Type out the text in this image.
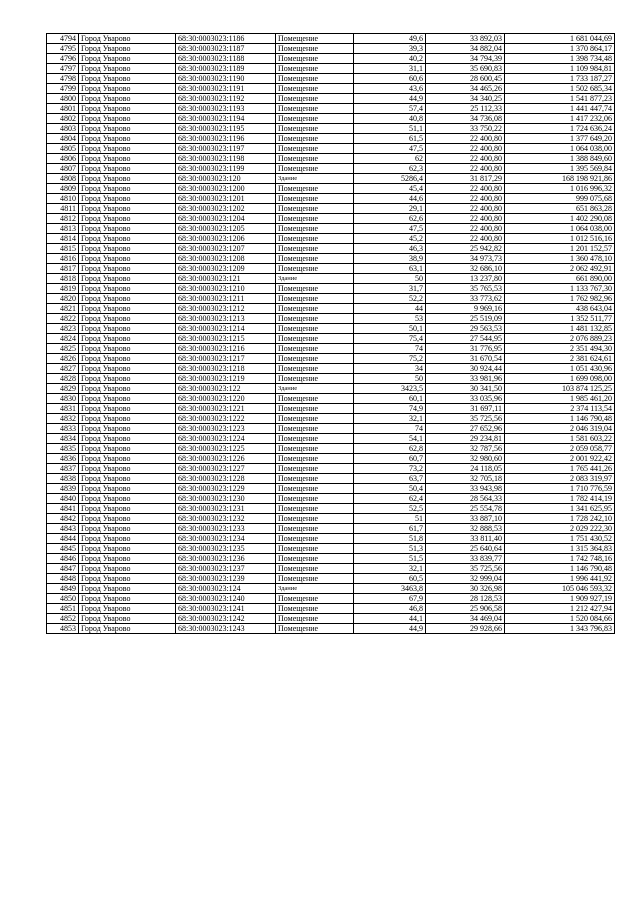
4794	Город Уварово	68:30:0003023:1186	Помещение	49,6	33 892,03	1 681 044,69
4795	Город Уварово	68:30:0003023:1187	Помещение	39,3	34 882,04	1 370 864,17
4796	Город Уварово	68:30:0003023:1188	Помещение	40,2	34 794,39	1 398 734,48
4797	Город Уварово	68:30:0003023:1189	Помещение	31,1	35 690,83	1 109 984,81
4798	Город Уварово	68:30:0003023:1190	Помещение	60,6	28 600,45	1 733 187,27
4799	Город Уварово	68:30:0003023:1191	Помещение	43,6	34 465,26	1 502 685,34
4800	Город Уварово	68:30:0003023:1192	Помещение	44,9	34 340,25	1 541 877,23
4801	Город Уварово	68:30:0003023:1193	Помещение	57,4	25 112,33	1 441 447,74
4802	Город Уварово	68:30:0003023:1194	Помещение	40,8	34 736,08	1 417 232,06
4803	Город Уварово	68:30:0003023:1195	Помещение	51,1	33 750,22	1 724 636,24
4804	Город Уварово	68:30:0003023:1196	Помещение	61,5	22 400,80	1 377 649,20
4805	Город Уварово	68:30:0003023:1197	Помещение	47,5	22 400,80	1 064 038,00
4806	Город Уварово	68:30:0003023:1198	Помещение	62	22 400,80	1 388 849,60
4807	Город Уварово	68:30:0003023:1199	Помещение	62,3	22 400,80	1 395 569,84
4808	Город Уварово	68:30:0003023:120	Здание	5286,4	31 817,29	168 198 921,86
4809	Город Уварово	68:30:0003023:1200	Помещение	45,4	22 400,80	1 016 996,32
4810	Город Уварово	68:30:0003023:1201	Помещение	44,6	22 400,80	999 075,68
4811	Город Уварово	68:30:0003023:1202	Помещение	29,1	22 400,80	651 863,28
4812	Город Уварово	68:30:0003023:1204	Помещение	62,6	22 400,80	1 402 290,08
4813	Город Уварово	68:30:0003023:1205	Помещение	47,5	22 400,80	1 064 038,00
4814	Город Уварово	68:30:0003023:1206	Помещение	45,2	22 400,80	1 012 516,16
4815	Город Уварово	68:30:0003023:1207	Помещение	46,3	25 942,82	1 201 152,57
4816	Город Уварово	68:30:0003023:1208	Помещение	38,9	34 973,73	1 360 478,10
4817	Город Уварово	68:30:0003023:1209	Помещение	63,1	32 686,10	2 062 492,91
4818	Город Уварово	68:30:0003023:121	Здание	50	13 237,80	661 890,00
4819	Город Уварово	68:30:0003023:1210	Помещение	31,7	35 765,53	1 133 767,30
4820	Город Уварово	68:30:0003023:1211	Помещение	52,2	33 773,62	1 762 982,96
4821	Город Уварово	68:30:0003023:1212	Помещение	44	9 969,16	438 643,04
4822	Город Уварово	68:30:0003023:1213	Помещение	53	25 519,09	1 352 511,77
4823	Город Уварово	68:30:0003023:1214	Помещение	50,1	29 563,53	1 481 132,85
4824	Город Уварово	68:30:0003023:1215	Помещение	75,4	27 544,95	2 076 889,23
4825	Город Уварово	68:30:0003023:1216	Помещение	74	31 776,95	2 351 494,30
4826	Город Уварово	68:30:0003023:1217	Помещение	75,2	31 670,54	2 381 624,61
4827	Город Уварово	68:30:0003023:1218	Помещение	34	30 924,44	1 051 430,96
4828	Город Уварово	68:30:0003023:1219	Помещение	50	33 981,96	1 699 098,00
4829	Город Уварово	68:30:0003023:122	Здание	3423,5	30 341,50	103 874 125,25
4830	Город Уварово	68:30:0003023:1220	Помещение	60,1	33 035,96	1 985 461,20
4831	Город Уварово	68:30:0003023:1221	Помещение	74,9	31 697,11	2 374 113,54
4832	Город Уварово	68:30:0003023:1222	Помещение	32,1	35 725,56	1 146 790,48
4833	Город Уварово	68:30:0003023:1223	Помещение	74	27 652,96	2 046 319,04
4834	Город Уварово	68:30:0003023:1224	Помещение	54,1	29 234,81	1 581 603,22
4835	Город Уварово	68:30:0003023:1225	Помещение	62,8	32 787,56	2 059 058,77
4836	Город Уварово	68:30:0003023:1226	Помещение	60,7	32 980,60	2 001 922,42
4837	Город Уварово	68:30:0003023:1227	Помещение	73,2	24 118,05	1 765 441,26
4838	Город Уварово	68:30:0003023:1228	Помещение	63,7	32 705,18	2 083 319,97
4839	Город Уварово	68:30:0003023:1229	Помещение	50,4	33 943,98	1 710 776,59
4840	Город Уварово	68:30:0003023:1230	Помещение	62,4	28 564,33	1 782 414,19
4841	Город Уварово	68:30:0003023:1231	Помещение	52,5	25 554,78	1 341 625,95
4842	Город Уварово	68:30:0003023:1232	Помещение	51	33 887,10	1 728 242,10
4843	Город Уварово	68:30:0003023:1233	Помещение	61,7	32 888,53	2 029 222,30
4844	Город Уварово	68:30:0003023:1234	Помещение	51,8	33 811,40	1 751 430,52
4845	Город Уварово	68:30:0003023:1235	Помещение	51,3	25 640,64	1 315 364,83
4846	Город Уварово	68:30:0003023:1236	Помещение	51,5	33 839,77	1 742 748,16
4847	Город Уварово	68:30:0003023:1237	Помещение	32,1	35 725,56	1 146 790,48
4848	Город Уварово	68:30:0003023:1239	Помещение	60,5	32 999,04	1 996 441,92
4849	Город Уварово	68:30:0003023:124	Здание	3463,8	30 326,98	105 046 593,32
4850	Город Уварово	68:30:0003023:1240	Помещение	67,9	28 128,53	1 909 927,19
4851	Город Уварово	68:30:0003023:1241	Помещение	46,8	25 906,58	1 212 427,94
4852	Город Уварово	68:30:0003023:1242	Помещение	44,1	34 469,04	1 520 084,66
4853	Город Уварово	68:30:0003023:1243	Помещение	44,9	29 928,66	1 343 796,83
